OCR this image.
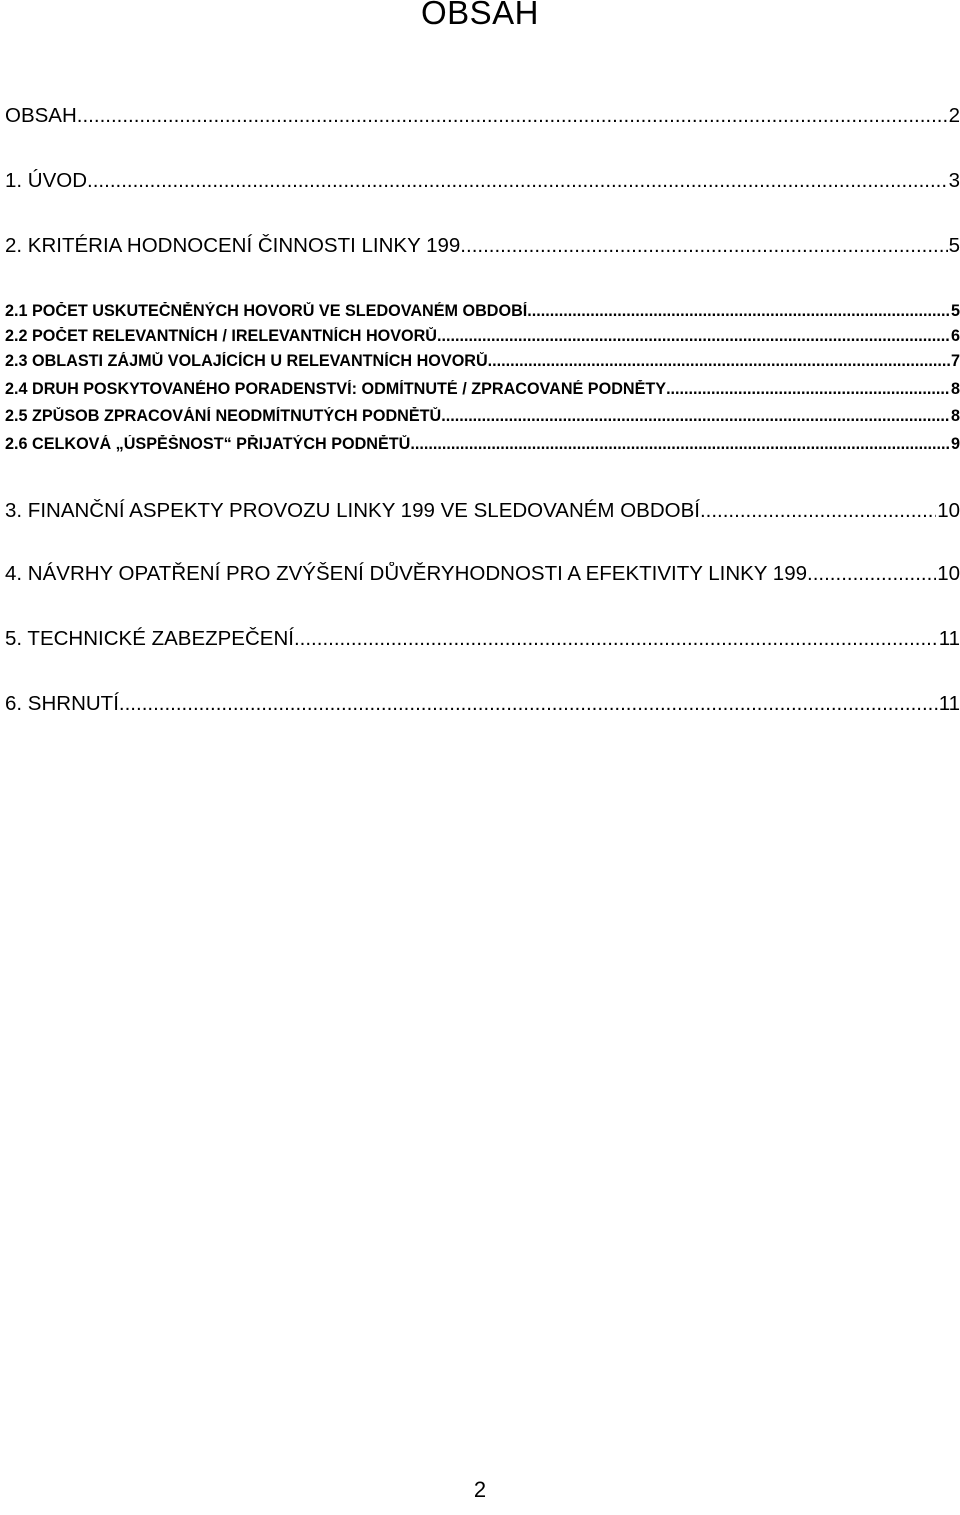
OBSAH
OBSAH .....	2
1. ÚVOD .....	3
2. KRITÉRIA HODNOCENÍ ČINNOSTI LINKY 199. .....	5
2.1 POČET USKUTEČNĚNÝCH HOVORŮ VE SLEDOVANÉM OBDOBÍ .....	5
2.2 POČET RELEVANTNÍCH / IRELEVANTNÍCH HOVORŮ .....	6
2.3 OBLASTI ZÁJMŮ VOLAJÍCÍCH U RELEVANTNÍCH HOVORŮ .....	7
2.4 DRUH POSKYTOVANÉHO PORADENSTVÍ: ODMÍTNUTÉ / ZPRACOVANÉ PODNĚTY .....	8
2.5 ZPŮSOB ZPRACOVÁNÍ NEODMÍTNUTÝCH PODNĚTŮ .....	8
2.6 CELKOVÁ „ÚSPĚŠNOST“ PŘIJATÝCH PODNĚTŮ .....	9
3. FINANČNÍ ASPEKTY PROVOZU LINKY 199 VE SLEDOVANÉM OBDOBÍ .....	10
4. NÁVRHY OPATŘENÍ PRO ZVÝŠENÍ DŮVĚRYHODNOSTI A EFEKTIVITY LINKY 199 .....	10
5. TECHNICKÉ ZABEZPEČENÍ .....	11
6. SHRNUTÍ .....	11
2
